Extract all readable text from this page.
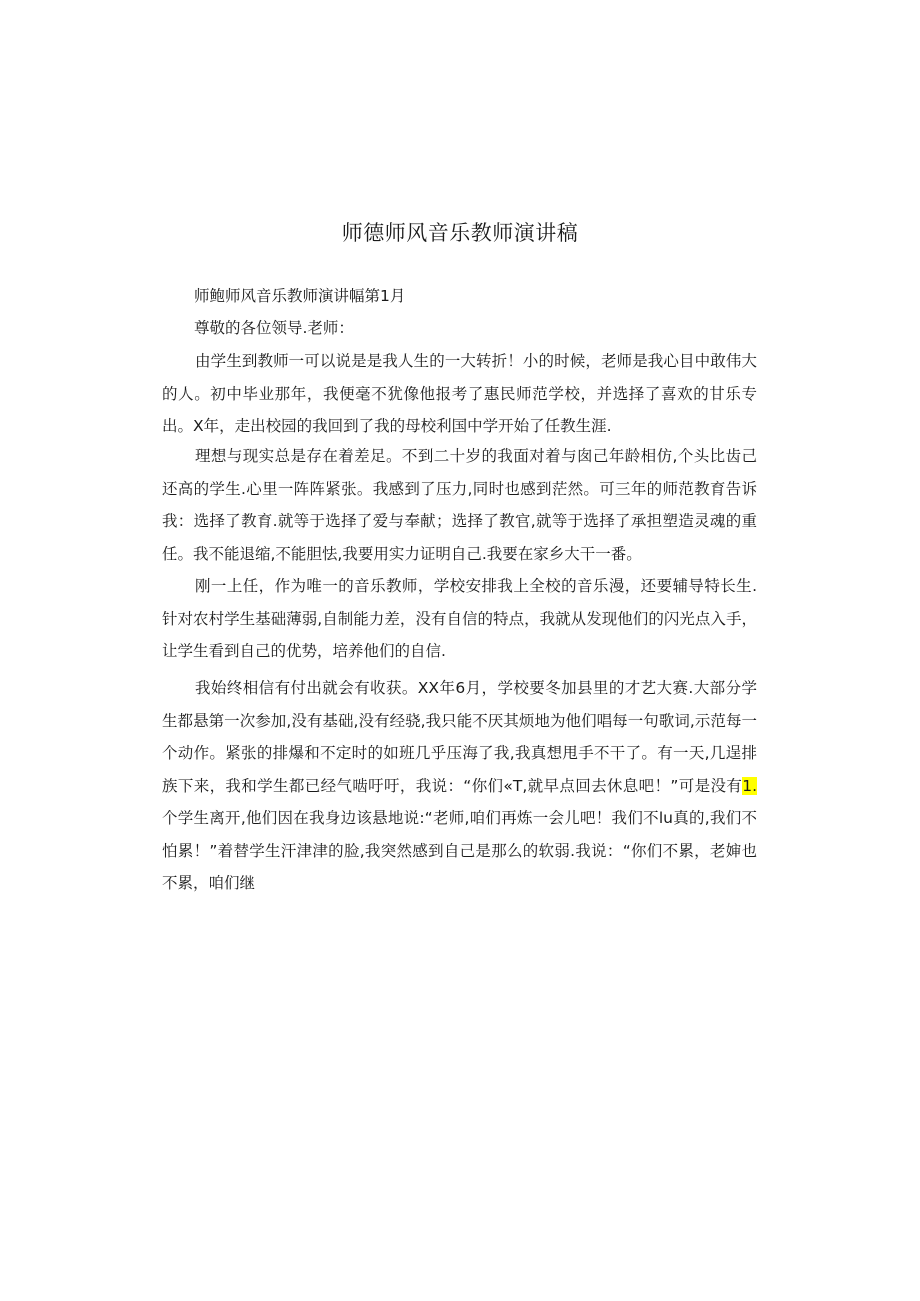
师德师风音乐教师演讲稿
师鲍师风音乐教师演讲幅第1月
尊敬的各位领导.老师：
由学生到教师一可以说是是我人生的一大转折！小的时候，老师是我心目中敢伟大的人。初中毕业那年，我便毫不犹像他报考了惠民师范学校，并选择了喜欢的甘乐专出。X年，走出校园的我回到了我的母校利国中学开始了任教生涯.
理想与现实总是存在着差足。不到二十岁的我面对着与囱己年龄相仿,个头比齿己还高的学生.心里一阵阵紧张。我感到了压力,同时也感到茫然。可三年的师范教育告诉我：选择了教育.就等于选择了爱与奉献；选择了教官,就等于选择了承担塑造灵魂的重任。我不能退缩,不能胆怯,我要用实力证明自己.我要在家乡大干一番。
刚一上任，作为唯一的音乐教师，学校安排我上全校的音乐漫，还要辅导特长生.针对农村学生基础薄弱,自制能力差，没有自信的特点，我就从发现他们的闪光点入手，让学生看到自己的优势，培养他们的自信.
我始终相信有付出就会有收获。XX年6月，学校要冬加县里的才艺大赛.大部分学生都悬第一次参加,没有基础,没有经骁,我只能不厌其烦地为他们唱每一句歌词,示范每一个动作。紧张的排爆和不定时的如班几乎压海了我,我真想甩手不干了。有一天,几逞排族下来，我和学生都已经气啮吁吁，我说：“你们«T,就早点回去休息吧！”可是没有1.个学生离开,他们因在我身边该悬地说:“老师,咱们再炼一会儿吧！我们不lu真的,我们不怕累！”着替学生汗津津的脸,我突然感到自己是那么的软弱.我说：“你们不累，老婶也不累，咱们继
